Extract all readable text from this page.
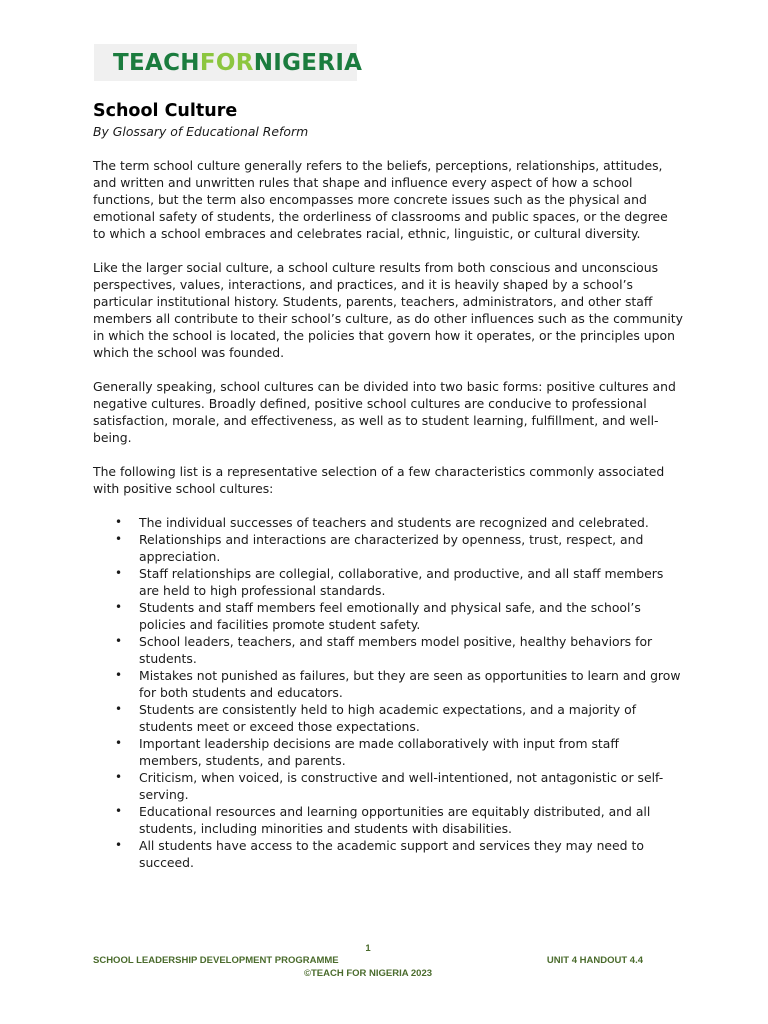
TEACHFORNIGERIA
School Culture
By Glossary of Educational Reform

The term school culture generally refers to the beliefs, perceptions, relationships, attitudes, and written and unwritten rules that shape and influence every aspect of how a school functions, but the term also encompasses more concrete issues such as the physical and emotional safety of students, the orderliness of classrooms and public spaces, or the degree to which a school embraces and celebrates racial, ethnic, linguistic, or cultural diversity.

Like the larger social culture, a school culture results from both conscious and unconscious perspectives, values, interactions, and practices, and it is heavily shaped by a school’s particular institutional history. Students, parents, teachers, administrators, and other staff members all contribute to their school’s culture, as do other influences such as the community in which the school is located, the policies that govern how it operates, or the principles upon which the school was founded.

Generally speaking, school cultures can be divided into two basic forms: positive cultures and negative cultures. Broadly defined, positive school cultures are conducive to professional satisfaction, morale, and effectiveness, as well as to student learning, fulfillment, and well-being.

The following list is a representative selection of a few characteristics commonly associated with positive school cultures:

• The individual successes of teachers and students are recognized and celebrated.
• Relationships and interactions are characterized by openness, trust, respect, and appreciation.
• Staff relationships are collegial, collaborative, and productive, and all staff members are held to high professional standards.
• Students and staff members feel emotionally and physical safe, and the school’s policies and facilities promote student safety.
• School leaders, teachers, and staff members model positive, healthy behaviors for students.
• Mistakes not punished as failures, but they are seen as opportunities to learn and grow for both students and educators.
• Students are consistently held to high academic expectations, and a majority of students meet or exceed those expectations.
• Important leadership decisions are made collaboratively with input from staff members, students, and parents.
• Criticism, when voiced, is constructive and well-intentioned, not antagonistic or self-serving.
• Educational resources and learning opportunities are equitably distributed, and all students, including minorities and students with disabilities.
• All students have access to the academic support and services they may need to succeed.
1
SCHOOL LEADERSHIP DEVELOPMENT PROGRAMME	UNIT 4 HANDOUT 4.4
©TEACH FOR NIGERIA 2023
